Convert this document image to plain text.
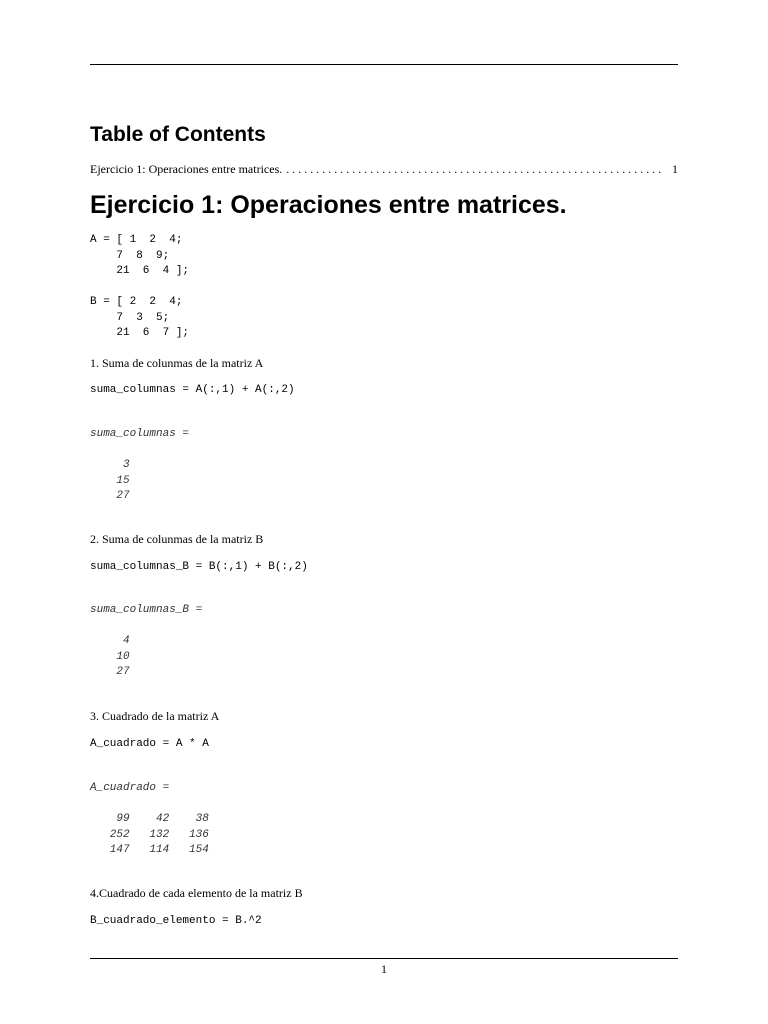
Table of Contents
Ejercicio 1: Operaciones entre matrices.
. . .	1
Ejercicio 1: Operaciones entre matrices.
A = [ 1  2  4;
7  8  9;
21  6  4 ];
B = [ 2  2  4;
7  3  5;
21  6  7 ];
1. Suma de colunmas de la matriz A
suma_columnas = A(:,1) + A(:,2)
suma_columnas =
3
15
27
2. Suma de colunmas de la matriz B
suma_columnas_B = B(:,1) + B(:,2)
suma_columnas_B =
4
10
27
3. Cuadrado de la matriz A
A_cuadrado = A * A
A_cuadrado =
99    42    38
252   132   136
147   114   154
4.Cuadrado de cada elemento de la matriz B
B_cuadrado_elemento = B.^2
1
